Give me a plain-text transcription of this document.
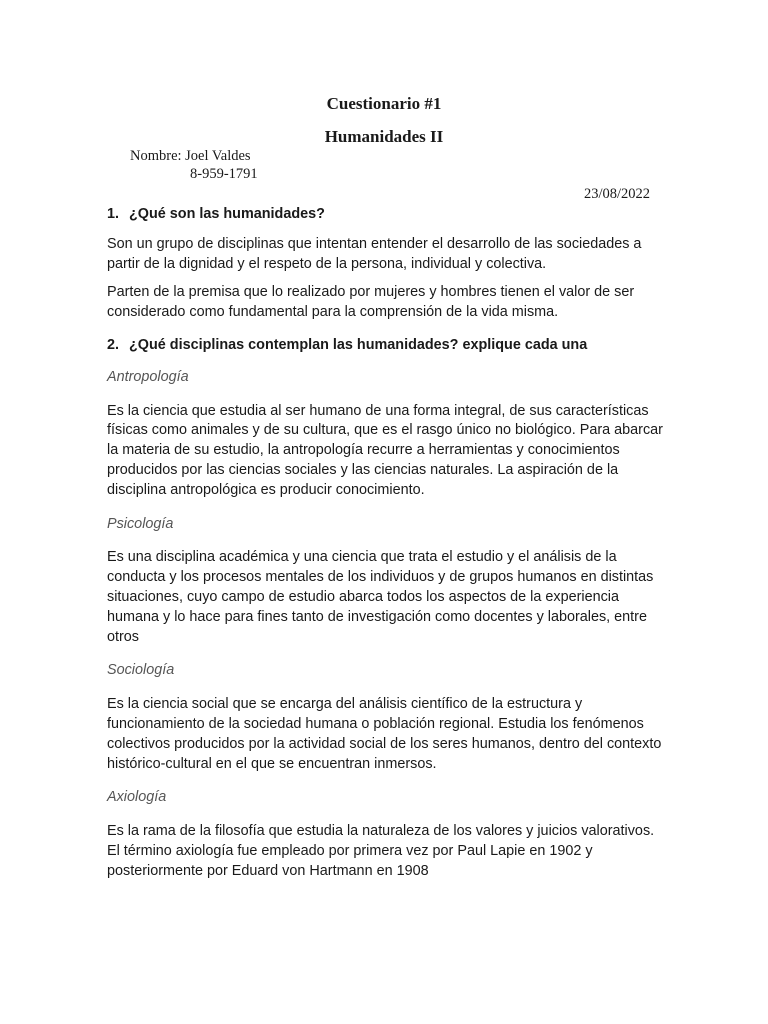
Cuestionario #1
Humanidades II
Nombre: Joel Valdes
8-959-1791
23/08/2022

1. ¿Qué son las humanidades?

Son un grupo de disciplinas que intentan entender el desarrollo de las sociedades a partir de la dignidad y el respeto de la persona, individual y colectiva.

Parten de la premisa que lo realizado por mujeres y hombres tienen el valor de ser considerado como fundamental para la comprensión de la vida misma.

2. ¿Qué disciplinas contemplan las humanidades? explique cada una

Antropología

Es la ciencia que estudia al ser humano de una forma integral, de sus características físicas como animales y de su cultura, que es el rasgo único no biológico. Para abarcar la materia de su estudio, la antropología recurre a herramientas y conocimientos producidos por las ciencias sociales y las ciencias naturales. La aspiración de la disciplina antropológica es producir conocimiento.

Psicología

Es una disciplina académica y una ciencia que trata el estudio y el análisis de la conducta y los procesos mentales de los individuos y de grupos humanos en distintas situaciones, cuyo campo de estudio abarca todos los aspectos de la experiencia humana y lo hace para fines tanto de investigación como docentes y laborales, entre otros

Sociología

Es la ciencia social que se encarga del análisis científico de la estructura y funcionamiento de la sociedad humana o población regional. Estudia los fenómenos colectivos producidos por la actividad social de los seres humanos, dentro del contexto histórico-cultural en el que se encuentran inmersos.

Axiología

Es la rama de la filosofía que estudia la naturaleza de los valores y juicios valorativos. El término axiología fue empleado por primera vez por Paul Lapie en 1902 y posteriormente por Eduard von Hartmann en 1908
